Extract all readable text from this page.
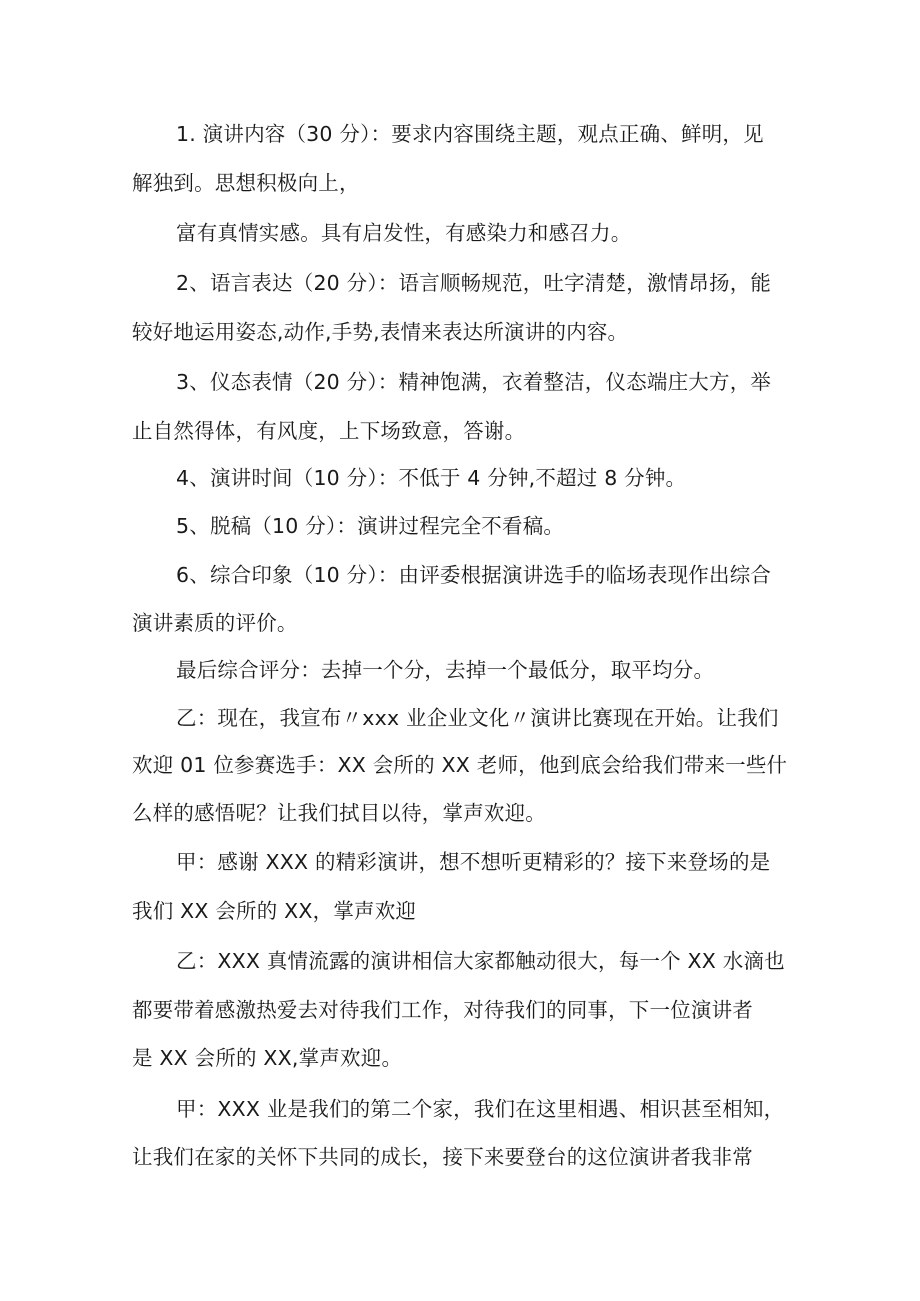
1. 演讲内容（30 分）：要求内容围绕主题，观点正确、鲜明，见
解独到。思想积极向上，
富有真情实感。具有启发性，有感染力和感召力。
2、语言表达（20 分）：语言顺畅规范，吐字清楚，激情昂扬，能
较好地运用姿态,动作,手势,表情来表达所演讲的内容。
3、仪态表情（20 分）：精神饱满，衣着整洁，仪态端庄大方，举
止自然得体，有风度，上下场致意，答谢。
4、演讲时间（10 分）：不低于 4 分钟,不超过 8 分钟。
5、脱稿（10 分）：演讲过程完全不看稿。
6、综合印象（10 分）：由评委根据演讲选手的临场表现作出综合
演讲素质的评价。
最后综合评分：去掉一个分，去掉一个最低分，取平均分。
乙：现在，我宣布〃xxx 业企业文化〃演讲比赛现在开始。让我们
欢迎 01 位参赛选手：XX 会所的 XX 老师，他到底会给我们带来一些什
么样的感悟呢？让我们拭目以待，掌声欢迎。
甲：感谢 XXX 的精彩演讲，想不想听更精彩的？接下来登场的是
我们 XX 会所的 XX，掌声欢迎
乙：XXX 真情流露的演讲相信大家都触动很大，每一个 XX 水滴也
都要带着感激热爱去对待我们工作，对待我们的同事，下一位演讲者
是 XX 会所的 XX,掌声欢迎。
甲：XXX 业是我们的第二个家，我们在这里相遇、相识甚至相知，
让我们在家的关怀下共同的成长，接下来要登台的这位演讲者我非常
